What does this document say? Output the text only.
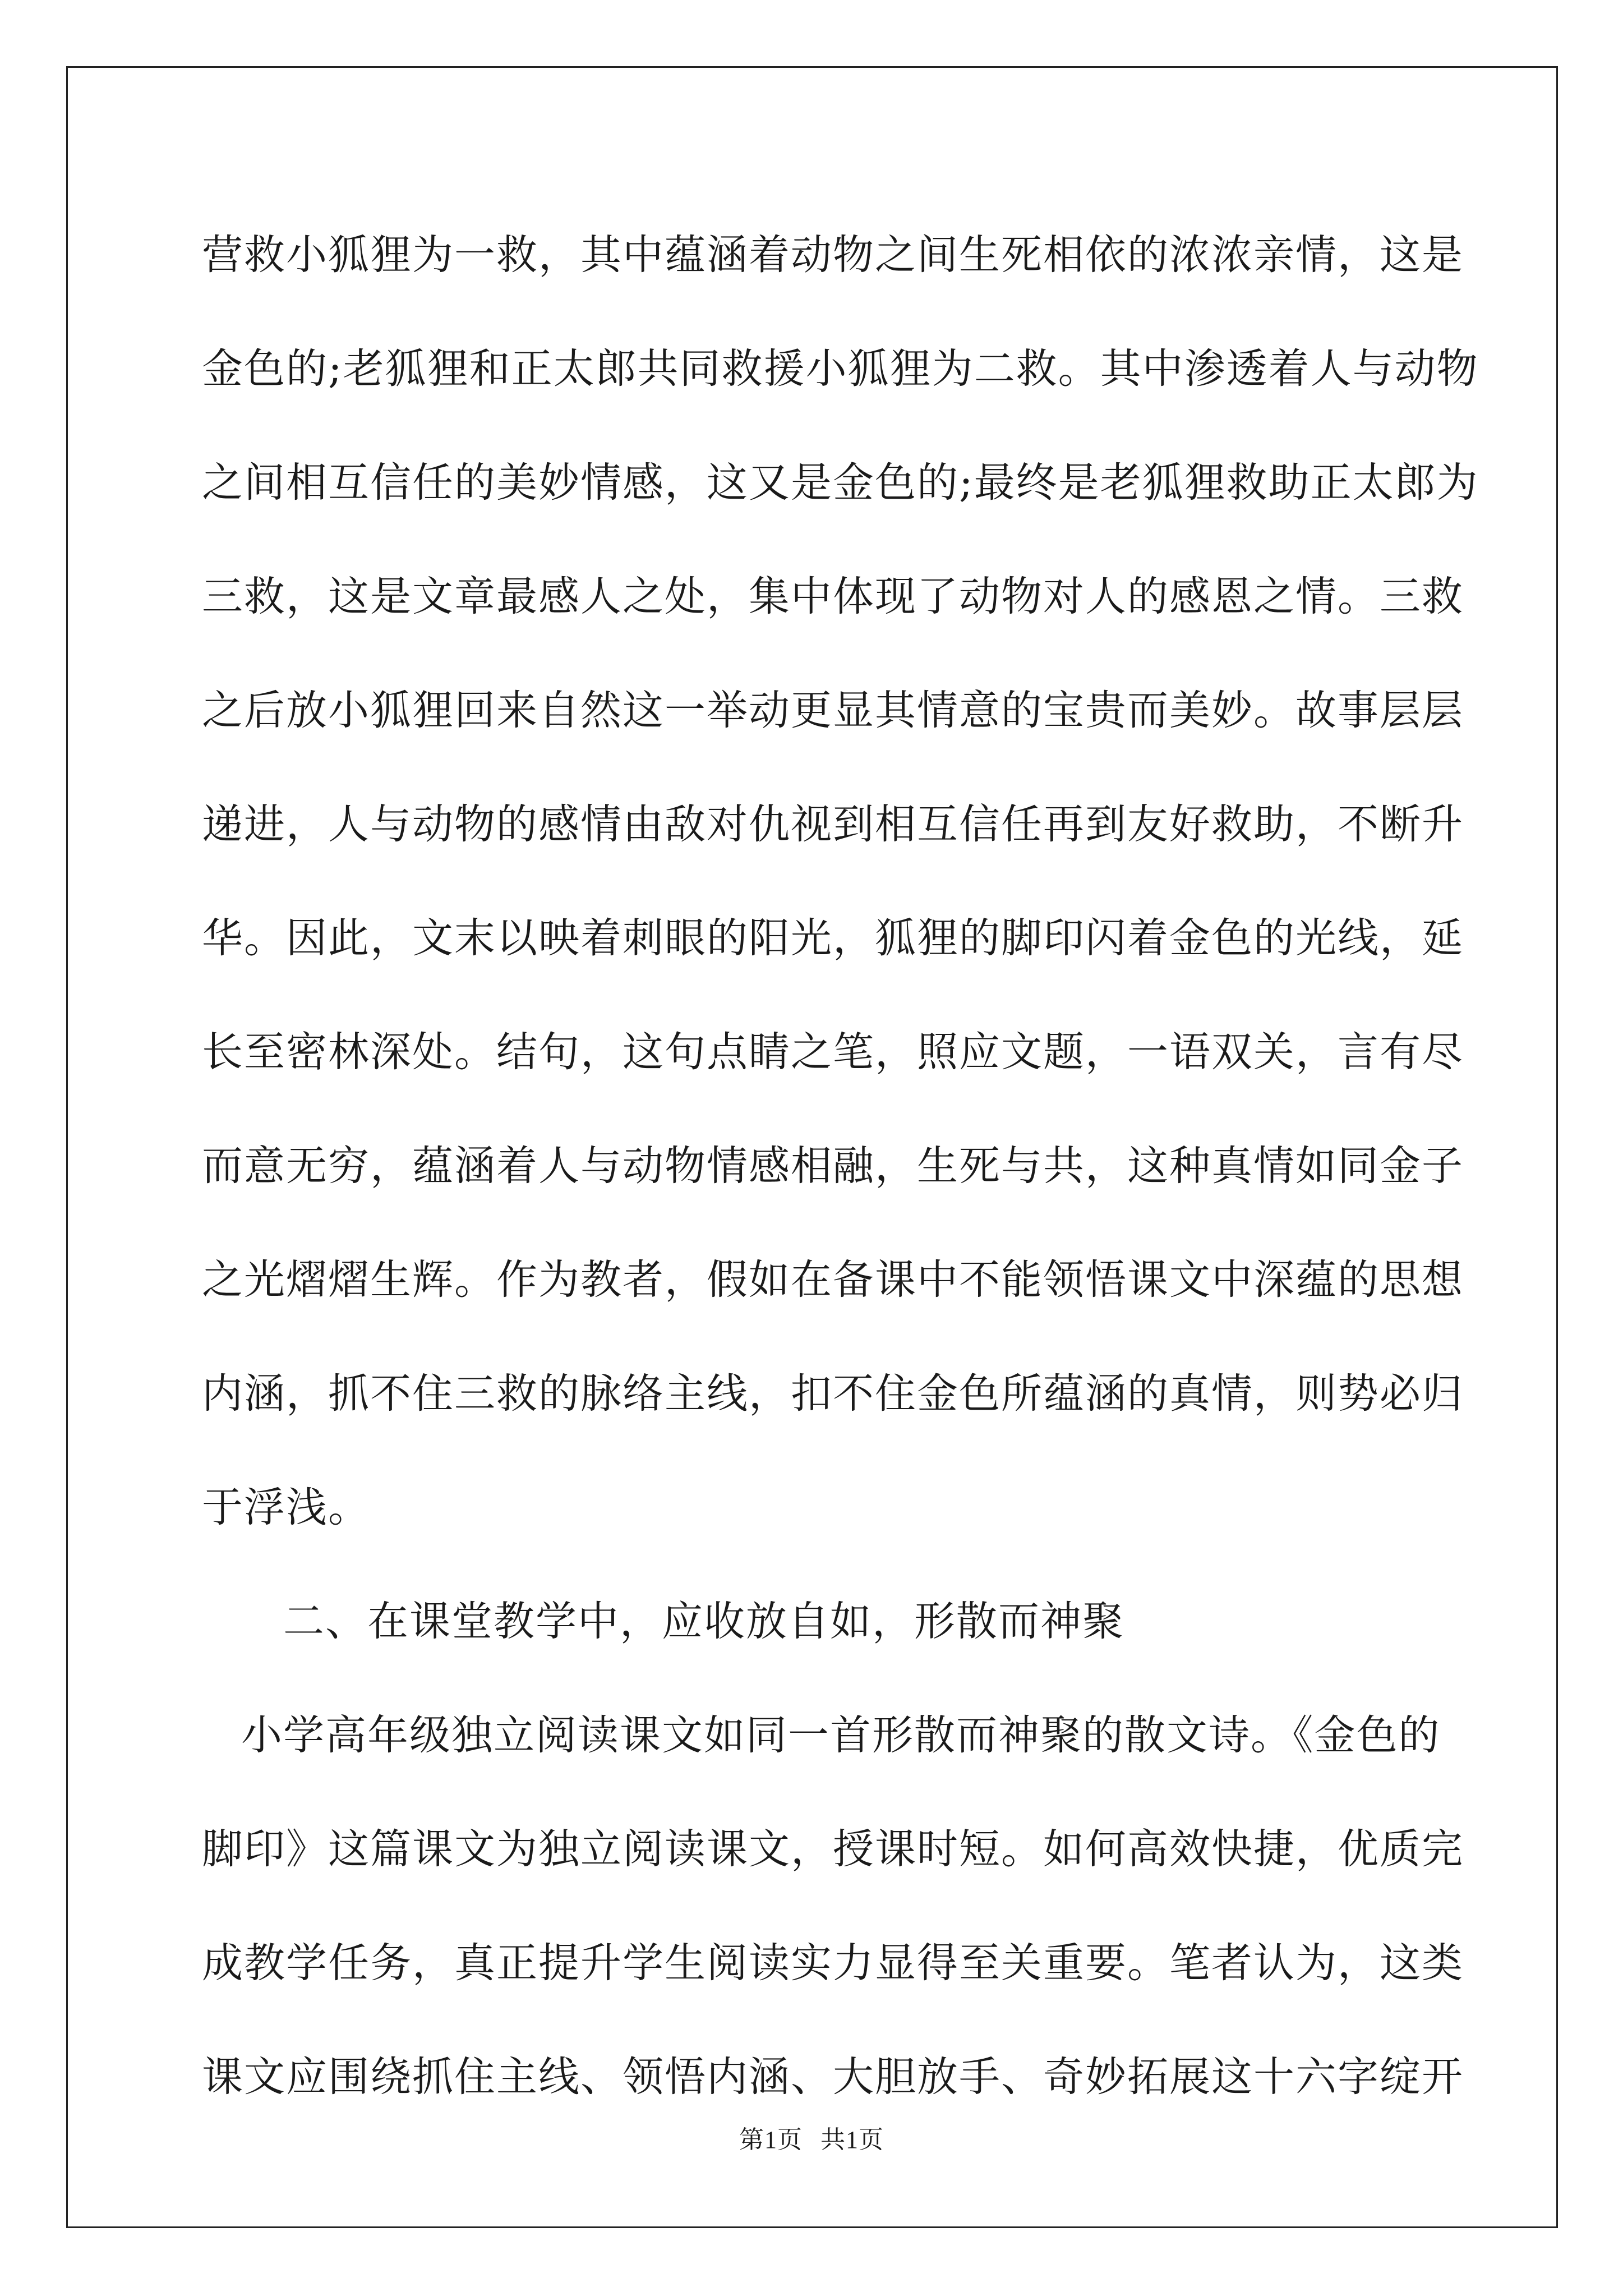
营救小狐狸为一救，其中蕴涵着动物之间生死相依的浓浓亲情，这是
金色的;老狐狸和正太郎共同救援小狐狸为二救。其中渗透着人与动物
之间相互信任的美妙情感，这又是金色的;最终是老狐狸救助正太郎为
三救，这是文章最感人之处，集中体现了动物对人的感恩之情。三救
之后放小狐狸回来自然这一举动更显其情意的宝贵而美妙。故事层层
递进，人与动物的感情由敌对仇视到相互信任再到友好救助，不断升
华。因此，文末以映着刺眼的阳光，狐狸的脚印闪着金色的光线，延
长至密林深处。结句，这句点睛之笔，照应文题，一语双关，言有尽
而意无穷，蕴涵着人与动物情感相融，生死与共，这种真情如同金子
之光熠熠生辉。作为教者，假如在备课中不能领悟课文中深蕴的思想
内涵，抓不住三救的脉络主线，扣不住金色所蕴涵的真情，则势必归
于浮浅。
二、在课堂教学中，应收放自如，形散而神聚
小学高年级独立阅读课文如同一首形散而神聚的散文诗。《金色的
脚印》这篇课文为独立阅读课文，授课时短。如何高效快捷，优质完
成教学任务，真正提升学生阅读实力显得至关重要。笔者认为，这类
课文应围绕抓住主线、领悟内涵、大胆放手、奇妙拓展这十六字绽开
第1页 共1页
